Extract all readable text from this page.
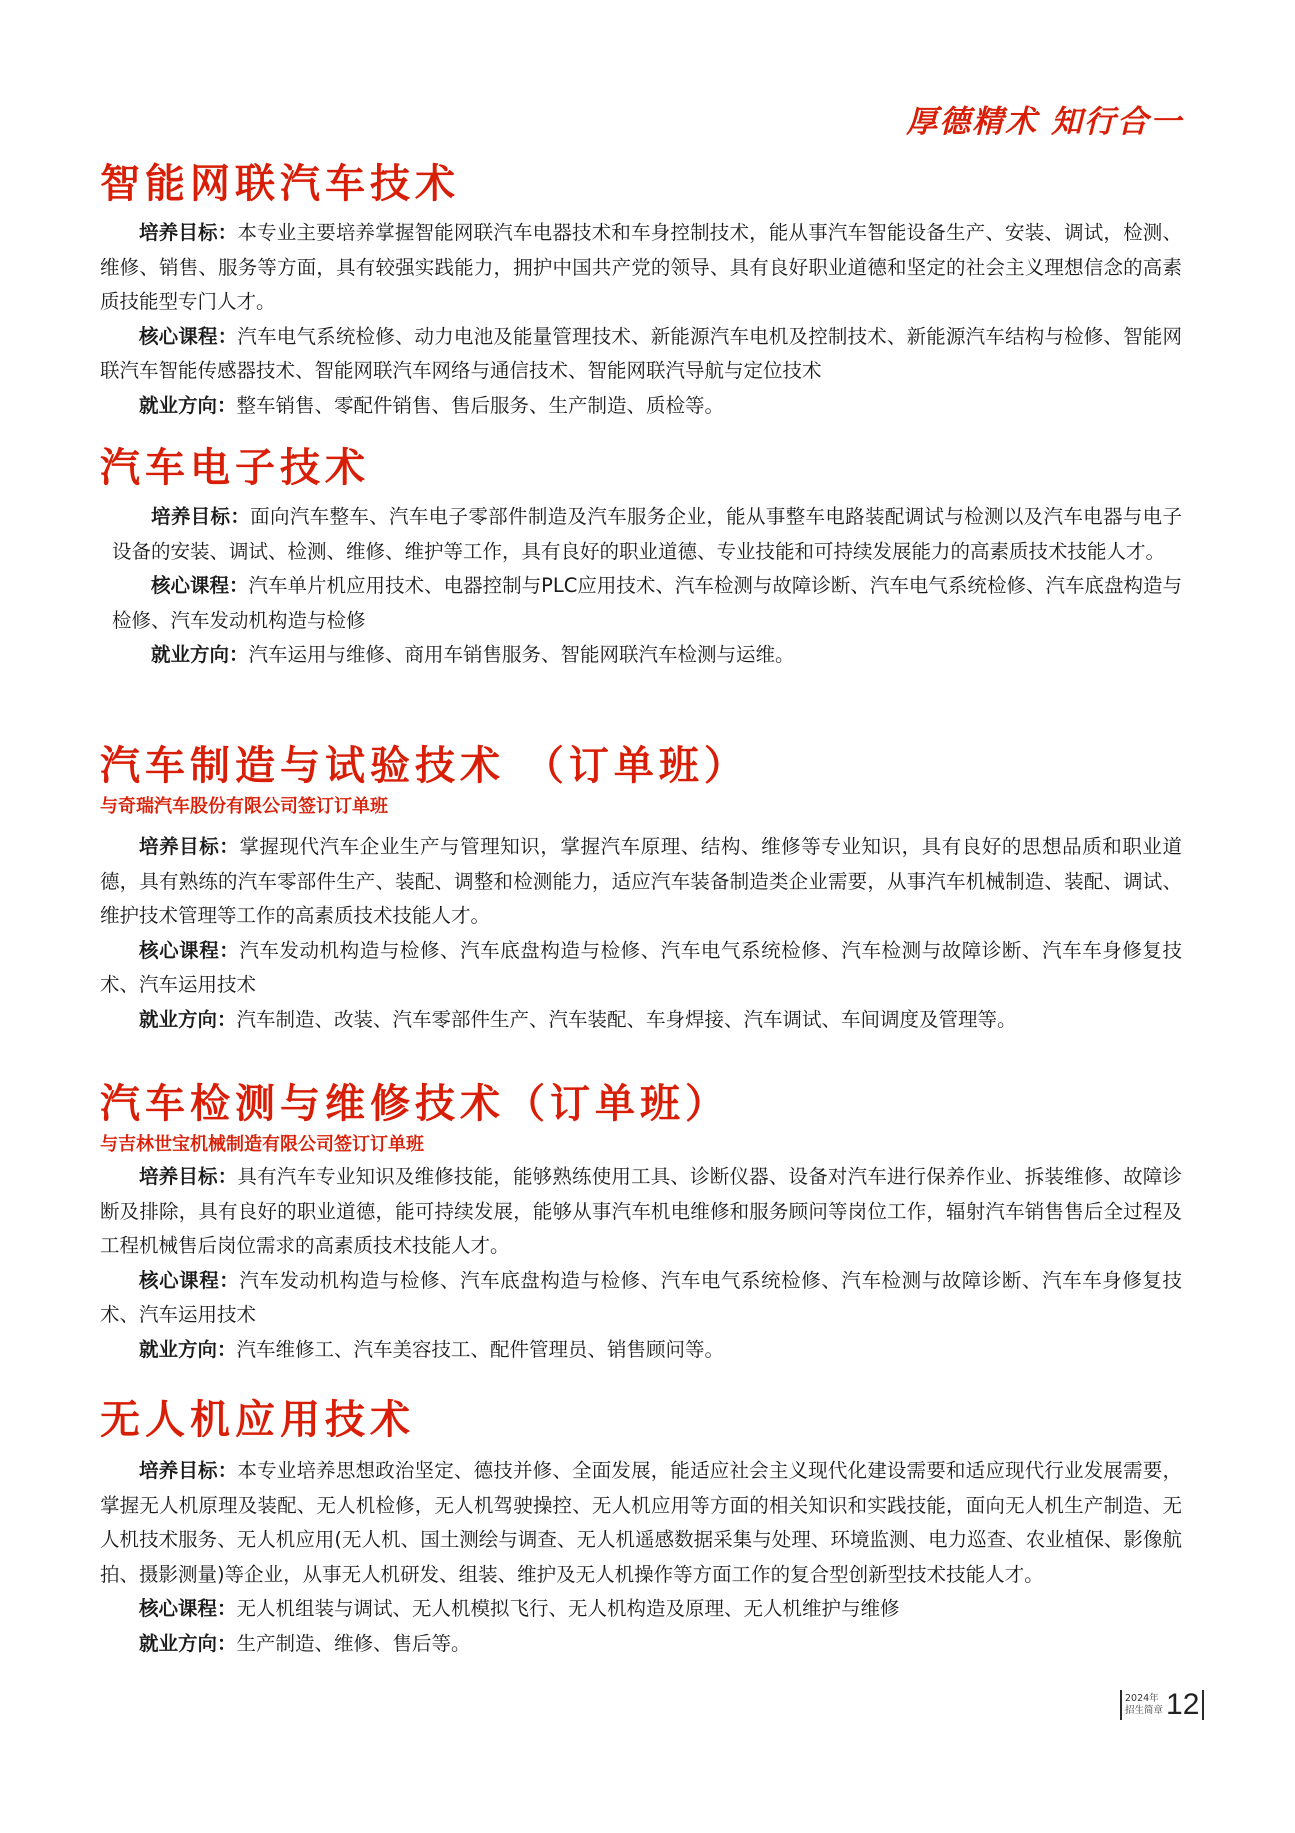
厚德精术 知行合一
智能网联汽车技术

培养目标：本专业主要培养掌握智能网联汽车电器技术和车身控制技术，能从事汽车智能设备生产、安装、调试，检测、维修、销售、服务等方面，具有较强实践能力，拥护中国共产党的领导、具有良好职业道德和坚定的社会主义理想信念的高素质技能型专门人才。

核心课程：汽车电气系统检修、动力电池及能量管理技术、新能源汽车电机及控制技术、新能源汽车结构与检修、智能网联汽车智能传感器技术、智能网联汽车网络与通信技术、智能网联汽导航与定位技术

就业方向：整车销售、零配件销售、售后服务、生产制造、质检等。

汽车电子技术

培养目标：面向汽车整车、汽车电子零部件制造及汽车服务企业，能从事整车电路装配调试与检测以及汽车电器与电子设备的安装、调试、检测、维修、维护等工作，具有良好的职业道德、专业技能和可持续发展能力的高素质技术技能人才。

核心课程：汽车单片机应用技术、电器控制与PLC应用技术、汽车检测与故障诊断、汽车电气系统检修、汽车底盘构造与检修、汽车发动机构造与检修

就业方向：汽车运用与维修、商用车销售服务、智能网联汽车检测与运维。

汽车制造与试验技术 （订单班）
与奇瑞汽车股份有限公司签订订单班

培养目标：掌握现代汽车企业生产与管理知识，掌握汽车原理、结构、维修等专业知识，具有良好的思想品质和职业道德，具有熟练的汽车零部件生产、装配、调整和检测能力，适应汽车装备制造类企业需要，从事汽车机械制造、装配、调试、维护技术管理等工作的高素质技术技能人才。

核心课程：汽车发动机构造与检修、汽车底盘构造与检修、汽车电气系统检修、汽车检测与故障诊断、汽车车身修复技术、汽车运用技术

就业方向：汽车制造、改装、汽车零部件生产、汽车装配、车身焊接、汽车调试、车间调度及管理等。

汽车检测与维修技术（订单班）
与吉林世宝机械制造有限公司签订订单班

培养目标：具有汽车专业知识及维修技能，能够熟练使用工具、诊断仪器、设备对汽车进行保养作业、拆装维修、故障诊断及排除，具有良好的职业道德，能可持续发展，能够从事汽车机电维修和服务顾问等岗位工作，辐射汽车销售售后全过程及工程机械售后岗位需求的高素质技术技能人才。

核心课程：汽车发动机构造与检修、汽车底盘构造与检修、汽车电气系统检修、汽车检测与故障诊断、汽车车身修复技术、汽车运用技术

就业方向：汽车维修工、汽车美容技工、配件管理员、销售顾问等。

无人机应用技术

培养目标：本专业培养思想政治坚定、德技并修、全面发展，能适应社会主义现代化建设需要和适应现代行业发展需要，掌握无人机原理及装配、无人机检修，无人机驾驶操控、无人机应用等方面的相关知识和实践技能，面向无人机生产制造、无人机技术服务、无人机应用(无人机、国土测绘与调查、无人机遥感数据采集与处理、环境监测、电力巡查、农业植保、影像航拍、摄影测量)等企业，从事无人机研发、组装、维护及无人机操作等方面工作的复合型创新型技术技能人才。

核心课程：无人机组装与调试、无人机模拟飞行、无人机构造及原理、无人机维护与维修

就业方向：生产制造、维修、售后等。

2024年
招生简章 12
